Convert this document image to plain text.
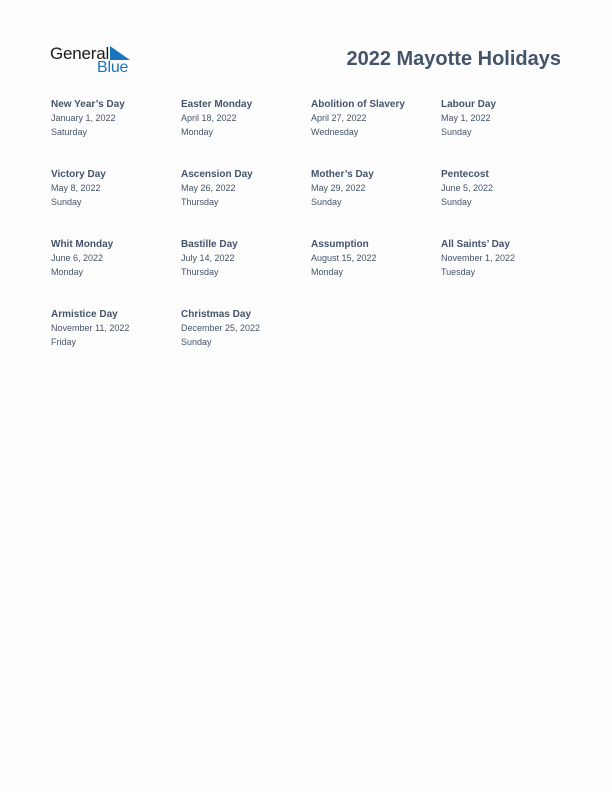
General
Blue	2022 Mayotte Holidays
New Year’s Day
January 1, 2022
Saturday
Easter Monday
April 18, 2022
Monday
Abolition of Slavery
April 27, 2022
Wednesday
Labour Day
May 1, 2022
Sunday
Victory Day
May 8, 2022
Sunday
Ascension Day
May 26, 2022
Thursday
Mother’s Day
May 29, 2022
Sunday
Pentecost
June 5, 2022
Sunday
Whit Monday
June 6, 2022
Monday
Bastille Day
July 14, 2022
Thursday
Assumption
August 15, 2022
Monday
All Saints’ Day
November 1, 2022
Tuesday
Armistice Day
November 11, 2022
Friday
Christmas Day
December 25, 2022
Sunday
